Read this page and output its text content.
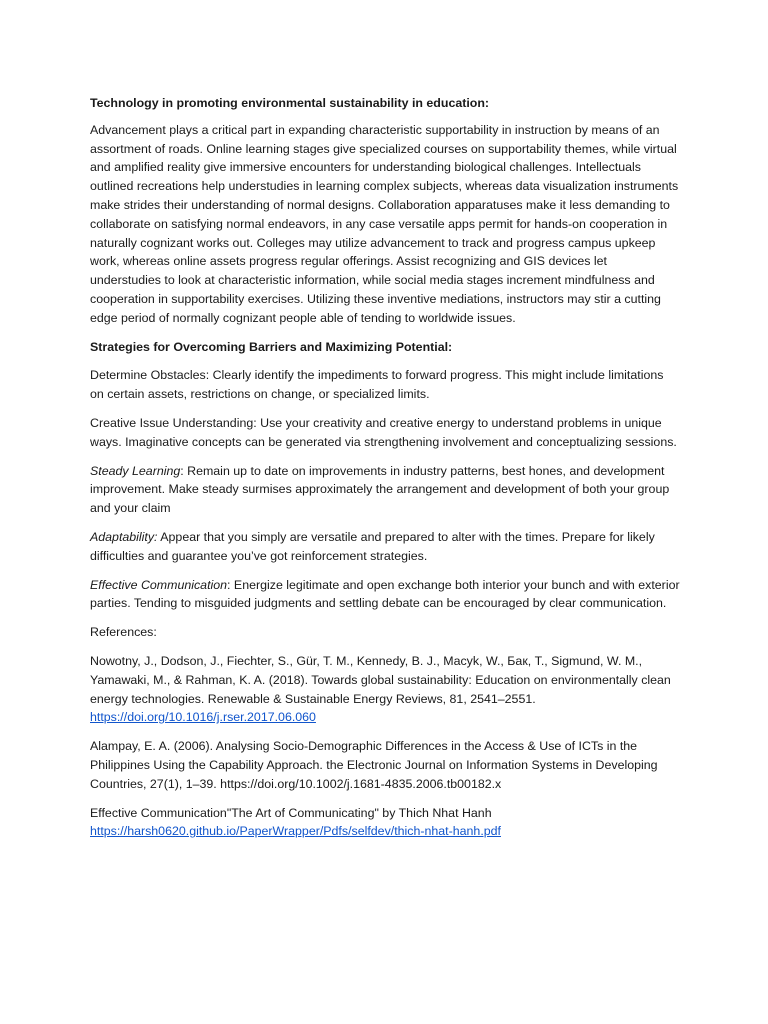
Technology in promoting environmental sustainability in education:

Advancement plays a critical part in expanding characteristic supportability in instruction by means of an assortment of roads. Online learning stages give specialized courses on supportability themes, while virtual and amplified reality give immersive encounters for understanding biological challenges. Intellectuals outlined recreations help understudies in learning complex subjects, whereas data visualization instruments make strides their understanding of normal designs. Collaboration apparatuses make it less demanding to collaborate on satisfying normal endeavors, in any case versatile apps permit for hands-on cooperation in naturally cognizant works out. Colleges may utilize advancement to track and progress campus upkeep work, whereas online assets progress regular offerings. Assist recognizing and GIS devices let understudies to look at characteristic information, while social media stages increment mindfulness and cooperation in supportability exercises. Utilizing these inventive mediations, instructors may stir a cutting edge period of normally cognizant people able of tending to worldwide issues.

Strategies for Overcoming Barriers and Maximizing Potential:

Determine Obstacles: Clearly identify the impediments to forward progress. This might include limitations on certain assets, restrictions on change, or specialized limits.

Creative Issue Understanding: Use your creativity and creative energy to understand problems in unique ways. Imaginative concepts can be generated via strengthening involvement and conceptualizing sessions.

Steady Learning: Remain up to date on improvements in industry patterns, best hones, and development improvement. Make steady surmises approximately the arrangement and development of both your group and your claim

Adaptability: Appear that you simply are versatile and prepared to alter with the times. Prepare for likely difficulties and guarantee you’ve got reinforcement strategies.

Effective Communication: Energize legitimate and open exchange both interior your bunch and with exterior parties. Tending to misguided judgments and settling debate can be encouraged by clear communication.

References:

Nowotny, J., Dodson, J., Fiechter, S., Gür, T. M., Kennedy, B. J., Macyk, W., Бак, T., Sigmund, W. M., Yamawaki, M., & Rahman, K. A. (2018). Towards global sustainability: Education on environmentally clean energy technologies. Renewable & Sustainable Energy Reviews, 81, 2541–2551. https://doi.org/10.1016/j.rser.2017.06.060

Alampay, E. A. (2006). Analysing Socio-Demographic Differences in the Access & Use of ICTs in the Philippines Using the Capability Approach. the Electronic Journal on Information Systems in Developing Countries, 27(1), 1–39. https://doi.org/10.1002/j.1681-4835.2006.tb00182.x

Effective Communication"The Art of Communicating" by Thich Nhat Hanh
https://harsh0620.github.io/PaperWrapper/Pdfs/selfdev/thich-nhat-hanh.pdf
